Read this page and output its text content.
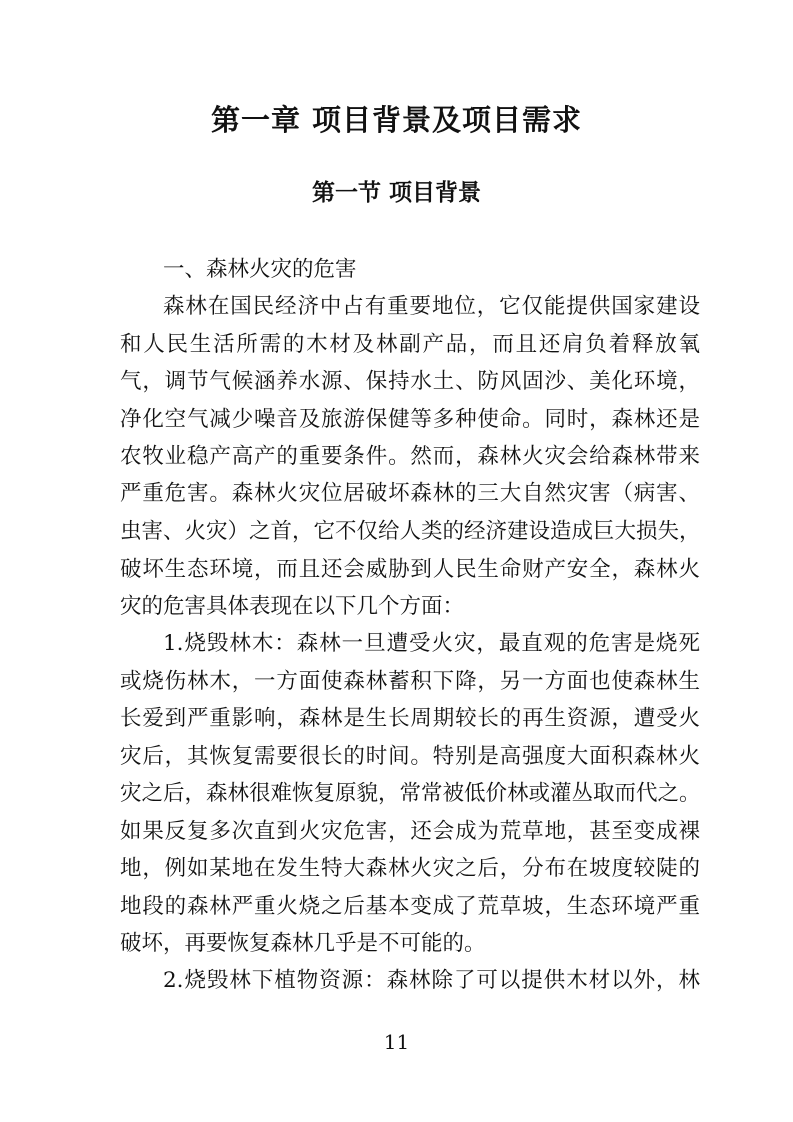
第一章 项目背景及项目需求
第一节 项目背景
一、森林火灾的危害
森林在国民经济中占有重要地位，它仅能提供国家建设
和人民生活所需的木材及林副产品，而且还肩负着释放氧
气，调节气候涵养水源、保持水土、防风固沙、美化环境，
净化空气减少噪音及旅游保健等多种使命。同时，森林还是
农牧业稳产高产的重要条件。然而，森林火灾会给森林带来
严重危害。森林火灾位居破坏森林的三大自然灾害（病害、
虫害、火灾）之首，它不仅给人类的经济建设造成巨大损失，
破坏生态环境，而且还会威胁到人民生命财产安全，森林火
灾的危害具体表现在以下几个方面：
1.烧毁林木：森林一旦遭受火灾，最直观的危害是烧死
或烧伤林木，一方面使森林蓄积下降，另一方面也使森林生
长爱到严重影响，森林是生长周期较长的再生资源，遭受火
灾后，其恢复需要很长的时间。特别是高强度大面积森林火
灾之后，森林很难恢复原貌，常常被低价林或灌丛取而代之。
如果反复多次直到火灾危害，还会成为荒草地，甚至变成裸
地，例如某地在发生特大森林火灾之后，分布在坡度较陡的
地段的森林严重火烧之后基本变成了荒草坡，生态环境严重
破坏，再要恢复森林几乎是不可能的。
2.烧毁林下植物资源：森林除了可以提供木材以外，林
11
